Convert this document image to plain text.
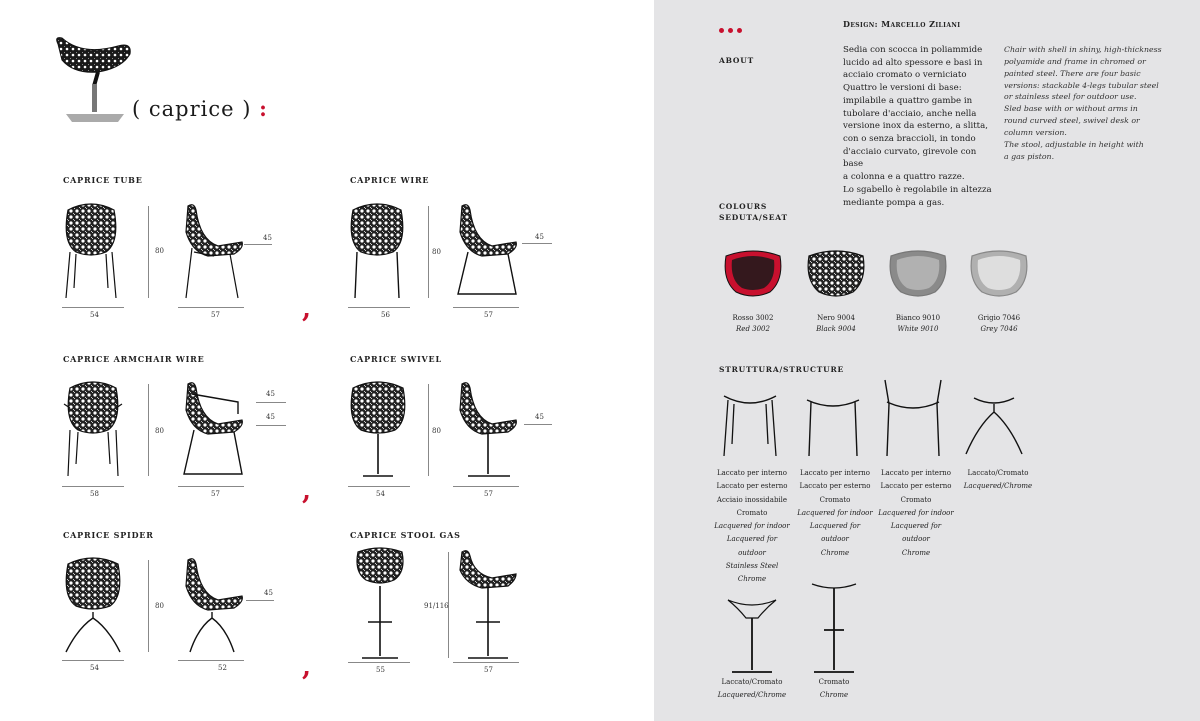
( caprice ) :
CAPRICE TUBE
54	57
80
45
CAPRICE WIRE
56	57
80
45
,
CAPRICE ARMCHAIR WIRE
58	57
80
45
45
CAPRICE SWIVEL
54	57
80
45
,
CAPRICE SPIDER
54	52
80
45
CAPRICE STOOL GAS
55	57
91/116
,
Design: Marcello Ziliani
ABOUT

Sedia con scocca in poliammide

lucido ad alto spessore e basi in

acciaio cromato o verniciato

Quattro le versioni di base:

impilabile a quattro gambe in

tubolare d'acciaio, anche nella

versione inox da esterno, a slitta,

con o senza braccioli, in tondo

d'acciaio curvato, girevole con base

a colonna e a quattro razze.

Lo sgabello è regolabile in altezza

mediante pompa a gas.

Chair with shell in shiny, high-thickness

polyamide and frame in chromed or

painted steel. There are four basic

versions: stackable 4-legs tubular steel

or stainless steel for outdoor use.

Sled base with or without arms in

round curved steel, swivel desk or

column version.

The stool, adjustable in height with

a gas piston.

COLOURS
SEDUTA/SEAT
Rosso 3002
Red 3002
Nero 9004
Black 9004
Bianco 9010
White 9010
Grigio 7046
Grey 7046
STRUTTURA/STRUCTURE
Laccato per interno
Laccato per esterno
Acciaio inossidabile
Cromato
Lacquered for indoor
Lacquered for outdoor
Stainless Steel
Chrome
Laccato per interno
Laccato per esterno
Cromato
Lacquered for indoor
Lacquered for outdoor
Chrome
Laccato per interno
Laccato per esterno
Cromato
Lacquered for indoor
Lacquered for outdoor
Chrome
Laccato/Cromato
Lacquered/Chrome
Laccato/Cromato
Lacquered/Chrome
Cromato
Chrome
